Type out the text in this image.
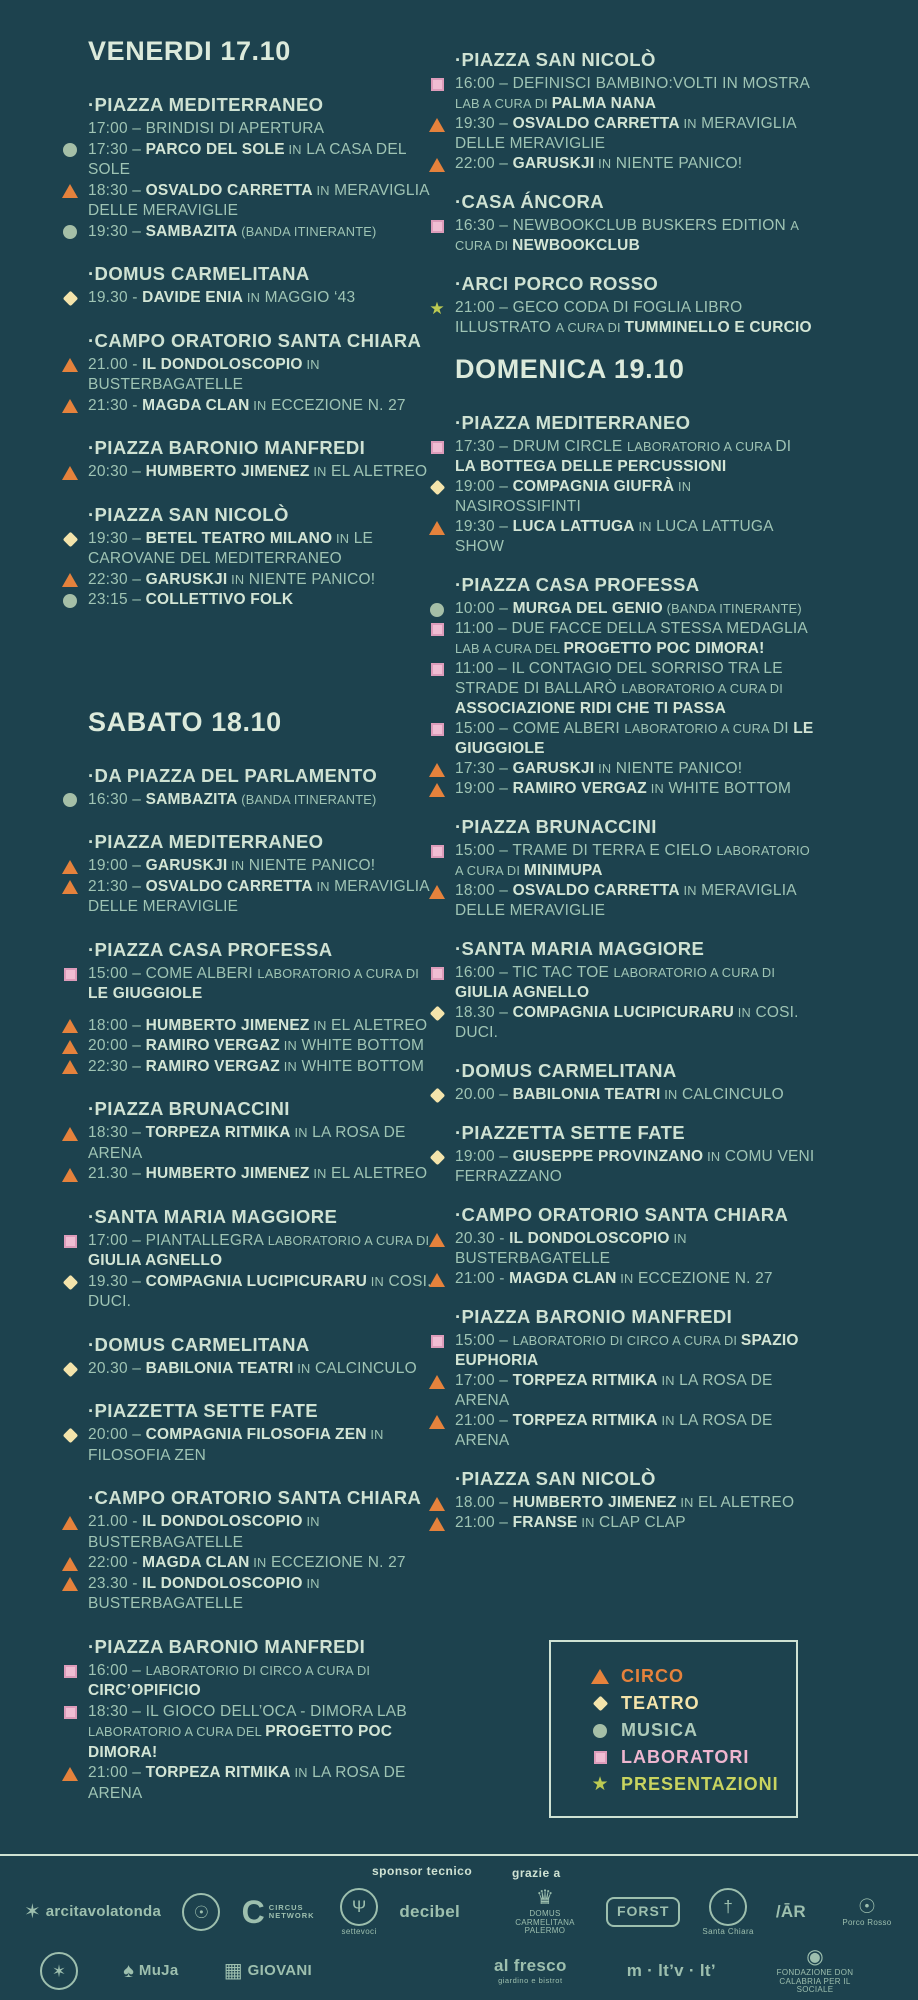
VENERDI 17.10
·PIAZZA MEDITERRANEO
17:00 – BRINDISI DI APERTURA
17:30 – PARCO DEL SOLE IN LA CASA DEL SOLE
18:30 – OSVALDO CARRETTA IN MERAVIGLIA DELLE MERAVIGLIE
19:30 – SAMBAZITA (BANDA ITINERANTE)
·DOMUS CARMELITANA
19.30 - DAVIDE ENIA IN MAGGIO ‘43
·CAMPO ORATORIO SANTA CHIARA
21.00 - IL DONDOLOSCOPIO IN BUSTERBAGATELLE
21:30 - MAGDA CLAN IN ECCEZIONE N. 27
·PIAZZA BARONIO MANFREDI
20:30 – HUMBERTO JIMENEZ IN EL ALETREO
·PIAZZA SAN NICOLÒ
19:30 – BETEL TEATRO MILANO IN LE CAROVANE DEL MEDITERRANEO
22:30 – GARUSKJI IN NIENTE PANICO!
23:15 – COLLETTIVO FOLK
SABATO 18.10
·DA PIAZZA DEL PARLAMENTO
16:30 – SAMBAZITA (BANDA ITINERANTE)
·PIAZZA MEDITERRANEO
19:00 – GARUSKJI IN NIENTE PANICO!
21:30 – OSVALDO CARRETTA IN MERAVIGLIA DELLE MERAVIGLIE
·PIAZZA CASA PROFESSA
15:00 – COME ALBERI LABORATORIO A CURA DI LE GIUGGIOLE
18:00 – HUMBERTO JIMENEZ IN EL ALETREO
20:00 – RAMIRO VERGAZ IN WHITE BOTTOM
22:30 – RAMIRO VERGAZ IN WHITE BOTTOM
·PIAZZA BRUNACCINI
18:30 – TORPEZA RITMIKA IN LA ROSA DE ARENA
21.30 – HUMBERTO JIMENEZ IN EL ALETREO
·SANTA MARIA MAGGIORE
17:00 – PIANTALLEGRA LABORATORIO A CURA DI GIULIA AGNELLO
19.30 – COMPAGNIA LUCIPICURARU IN COSI. DUCI.
·DOMUS CARMELITANA
20.30 – BABILONIA TEATRI IN CALCINCULO
·PIAZZETTA SETTE FATE
20:00 – COMPAGNIA FILOSOFIA ZEN IN FILOSOFIA ZEN
·CAMPO ORATORIO SANTA CHIARA
21.00 - IL DONDOLOSCOPIO IN BUSTERBAGATELLE
22:00 - MAGDA CLAN IN ECCEZIONE N. 27
23.30 - IL DONDOLOSCOPIO IN BUSTERBAGATELLE
·PIAZZA BARONIO MANFREDI
16:00 – LABORATORIO DI CIRCO A CURA DI CIRC’OPIFICIO
18:30 – IL GIOCO DELL’OCA - DIMORA LAB LABORATORIO A CURA DEL PROGETTO POC DIMORA!
21:00 – TORPEZA RITMIKA IN LA ROSA DE ARENA
·PIAZZA SAN NICOLÒ
16:00 – DEFINISCI BAMBINO:VOLTI IN MOSTRA LAB A CURA DI PALMA NANA
19:30 – OSVALDO CARRETTA IN MERAVIGLIA DELLE MERAVIGLIE
22:00 – GARUSKJI IN NIENTE PANICO!
·CASA ÁNCORA
16:30 – NEWBOOKCLUB BUSKERS EDITION A CURA DI NEWBOOKCLUB
·ARCI PORCO ROSSO
★ 21:00 – GECO CODA DI FOGLIA LIBRO ILLUSTRATO A CURA DI TUMMINELLO E CURCIO
DOMENICA 19.10
·PIAZZA MEDITERRANEO
17:30 – DRUM CIRCLE LABORATORIO A CURA DI LA BOTTEGA DELLE PERCUSSIONI
19:00 – COMPAGNIA GIUFRÀ IN NASIROSSIFINTI
19:30 – LUCA LATTUGA IN LUCA LATTUGA SHOW
·PIAZZA CASA PROFESSA
10:00 – MURGA DEL GENIO (BANDA ITINERANTE)
11:00 – DUE FACCE DELLA STESSA MEDAGLIA LAB A CURA DEL PROGETTO POC DIMORA!
11:00 – IL CONTAGIO DEL SORRISO TRA LE STRADE DI BALLARÒ LABORATORIO A CURA DI ASSOCIAZIONE RIDI CHE TI PASSA
15:00 – COME ALBERI LABORATORIO A CURA DI LE GIUGGIOLE
17:30 – GARUSKJI IN NIENTE PANICO!
19:00 – RAMIRO VERGAZ IN WHITE BOTTOM
·PIAZZA BRUNACCINI
15:00 – TRAME DI TERRA E CIELO LABORATORIO A CURA DI MINIMUPA
18:00 – OSVALDO CARRETTA IN MERAVIGLIA DELLE MERAVIGLIE
·SANTA MARIA MAGGIORE
16:00 – TIC TAC TOE LABORATORIO A CURA DI GIULIA AGNELLO
18.30 – COMPAGNIA LUCIPICURARU IN COSI. DUCI.
·DOMUS CARMELITANA
20.00 – BABILONIA TEATRI IN CALCINCULO
·PIAZZETTA SETTE FATE
19:00 – GIUSEPPE PROVINZANO IN COMU VENI FERRAZZANO
·CAMPO ORATORIO SANTA CHIARA
20.30 - IL DONDOLOSCOPIO IN BUSTERBAGATELLE
21:00 - MAGDA CLAN IN ECCEZIONE N. 27
·PIAZZA BARONIO MANFREDI
15:00 – LABORATORIO DI CIRCO A CURA DI SPAZIO EUPHORIA
17:00 – TORPEZA RITMIKA IN LA ROSA DE ARENA
21:00 – TORPEZA RITMIKA IN LA ROSA DE ARENA
·PIAZZA SAN NICOLÒ
18.00 – HUMBERTO JIMENEZ IN EL ALETREO
21:00 – FRANSE IN CLAP CLAP
CIRCO
TEATRO
MUSICA
LABORATORI
★ PRESENTAZIONI
sponsor tecnico	grazie a
✶ arcitavolatonda	☉	C CIRCUS NETWORK	Ψ
settevoci
decibel
♛
DOMUS CARMELITANA PALERMO
FORST	†
Santa Chiara
/ĀR	☉
Porco Rosso
✶	♠ MuJa ▦ GIOVANI	al fresco
giardino e bistrot
m · lt’v · lt’
◉
FONDAZIONE DON CALABRIA PER IL SOCIALE
